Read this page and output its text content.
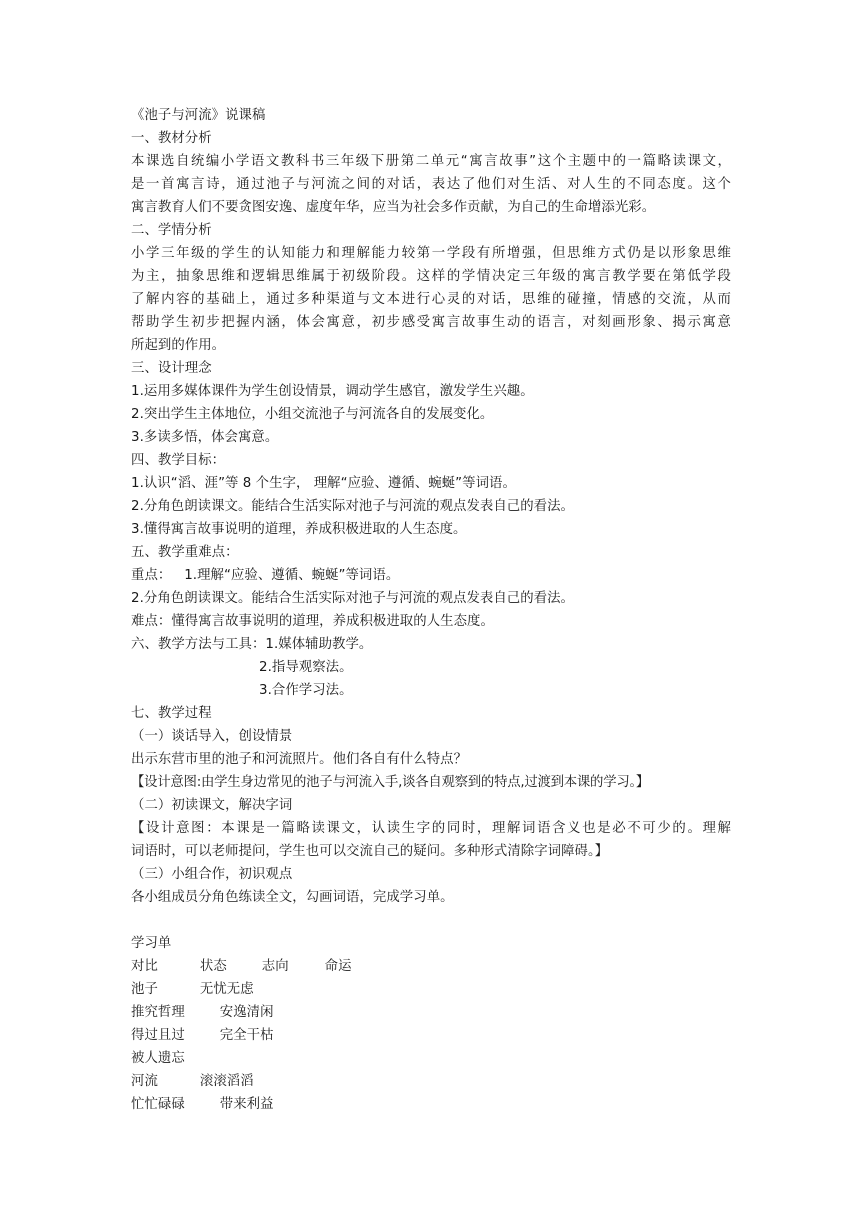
《池子与河流》说课稿
一、教材分析
本课选自统编小学语文教科书三年级下册第二单元“寓言故事”这个主题中的一篇略读课文，
是一首寓言诗，通过池子与河流之间的对话，表达了他们对生活、对人生的不同态度。这个
寓言教育人们不要贪图安逸、虚度年华，应当为社会多作贡献，为自己的生命增添光彩。
二、学情分析
小学三年级的学生的认知能力和理解能力较第一学段有所增强，但思维方式仍是以形象思维
为主，抽象思维和逻辑思维属于初级阶段。这样的学情决定三年级的寓言教学要在第低学段
了解内容的基础上，通过多种渠道与文本进行心灵的对话，思维的碰撞，情感的交流，从而
帮助学生初步把握内涵，体会寓意，初步感受寓言故事生动的语言，对刻画形象、揭示寓意
所起到的作用。
三、设计理念
1.运用多媒体课件为学生创设情景，调动学生感官，激发学生兴趣。
2.突出学生主体地位，小组交流池子与河流各自的发展变化。
3.多读多悟，体会寓意。
四、教学目标：
1.认识“滔、涯”等 8 个生字， 理解“应验、遵循、蜿蜒”等词语。
2.分角色朗读课文。能结合生活实际对池子与河流的观点发表自己的看法。
3.懂得寓言故事说明的道理，养成积极进取的人生态度。
五、教学重难点：
重点：   1.理解“应验、遵循、蜿蜒”等词语。
2.分角色朗读课文。能结合生活实际对池子与河流的观点发表自己的看法。
难点：懂得寓言故事说明的道理，养成积极进取的人生态度。
六、教学方法与工具：1.媒体辅助教学。
2.指导观察法。
3.合作学习法。
七、教学过程
（一）谈话导入，创设情景
出示东营市里的池子和河流照片。他们各自有什么特点？
【设计意图:由学生身边常见的池子与河流入手,谈各自观察到的特点,过渡到本课的学习。】
（二）初读课文，解决字词
【设计意图：本课是一篇略读课文，认读生字的同时，理解词语含义也是必不可少的。理解
词语时，可以老师提问，学生也可以交流自己的疑问。多种形式清除字词障碍。】
（三）小组合作，初识观点
各小组成员分角色练读全文，勾画词语，完成学习单。
学习单
对比	状态	志向	命运
池子	无忧无虑
推究哲理	安逸清闲
得过且过	完全干枯
被人遗忘
河流	滚滚滔滔
忙忙碌碌	带来利益
